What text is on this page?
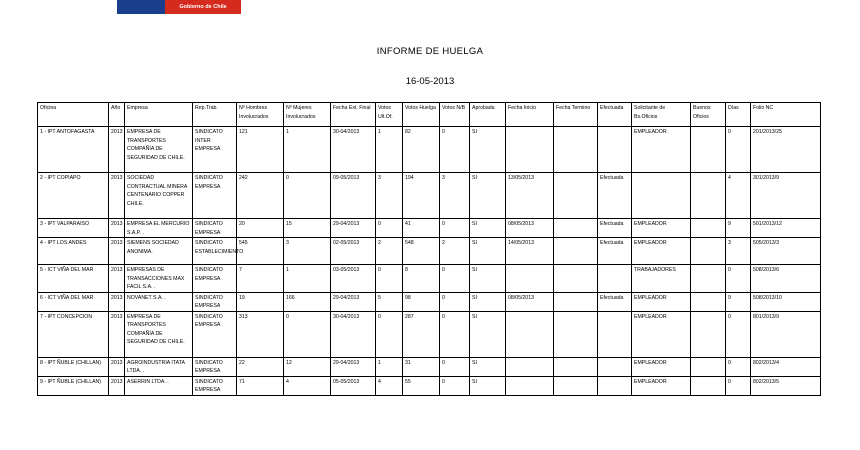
Gobierno de Chile
INFORME DE HUELGA
16-05-2013
Oficina	Año	Empresa	Rep.Trab.	Nº Hombres Involucrados	Nº Mujeres Involucrados	Fecha Ext. Final	Votos Ult.Of.	Votos Huelga	Votos N/B	Aprobada	Fecha Inicio	Fecha Termino	Efectuada	Solicitante de Bs.Oficios	Buenos Oficios	Días	Folio NC
1 - IPT ANTOFAGASTA	2013	EMPRESA DE TRANSPORTES COMPAÑÍA DE SEGURIDAD DE CHILE.	SINDICATO INTER EMPRESA	121	1	30-04/2013	1	82	0	SI				EMPLEADOR		0	201/2013/25
2 - IPT COPIAPO	2013	SOCIEDAD CONTRACTUAL MINERA CENTENARIO COPPER CHILE.	SINDICATO EMPRESA	242	0	09-05/2013	3	194	3	SI	13/05/2013		Efectuada			4	301/2013/9
3 - IPT VALPARAISO	2013	EMPRESA EL MERCURIO S.A.P. .	SINDICATO EMPRESA	20	15	29-04/2013	0	41	0	SI	08/05/2013		Efectuada	EMPLEADOR		9	501/2013/12
4 - IPT LOS ANDES	2013	SIEMENS SOCIEDAD ANONIMA.	SINDICATO ESTABLECIMIENTO	545	3	02-05/2013	2	548	2	SI	14/05/2013		Efectuada	EMPLEADOR		3	505/2013/3
5 - ICT VIÑA DEL MAR	2013	EMPRESAS DE TRANSACCIONES MAX FACIL S.A. .	SINDICATO EMPRESA	7	1	03-05/2013	0	8	0	SI				TRABAJADORES		0	508/2013/6
6 - ICT VIÑA DEL MAR	2013	NOVANET S.A. .	SINDICATO EMPRESA	19	166	29-04/2013	5	98	0	SI	08/05/2013		Efectuada	EMPLEADOR		9	508/2013/10
7 - IPT CONCEPCION	2013	EMPRESA DE TRANSPORTES COMPAÑÍA DE SEGURIDAD DE CHILE.	SINDICATO EMPRESA	313	0	30-04/2013	0	287	0	SI				EMPLEADOR		0	801/2013/9
8 - IPT ÑUBLE (CHILLAN)	2013	AGROINDUSTRIA ITATA LTDA. .	SINDICATO EMPRESA	22	12	29-04/2013	1	31	0	SI				EMPLEADOR		0	802/2013/4
9 - IPT ÑUBLE (CHILLAN)	2013	ASERRIN LTDA. .	SINDICATO EMPRESA	71	4	05-05/2013	4	55	0	SI				EMPLEADOR		0	802/2013/5
